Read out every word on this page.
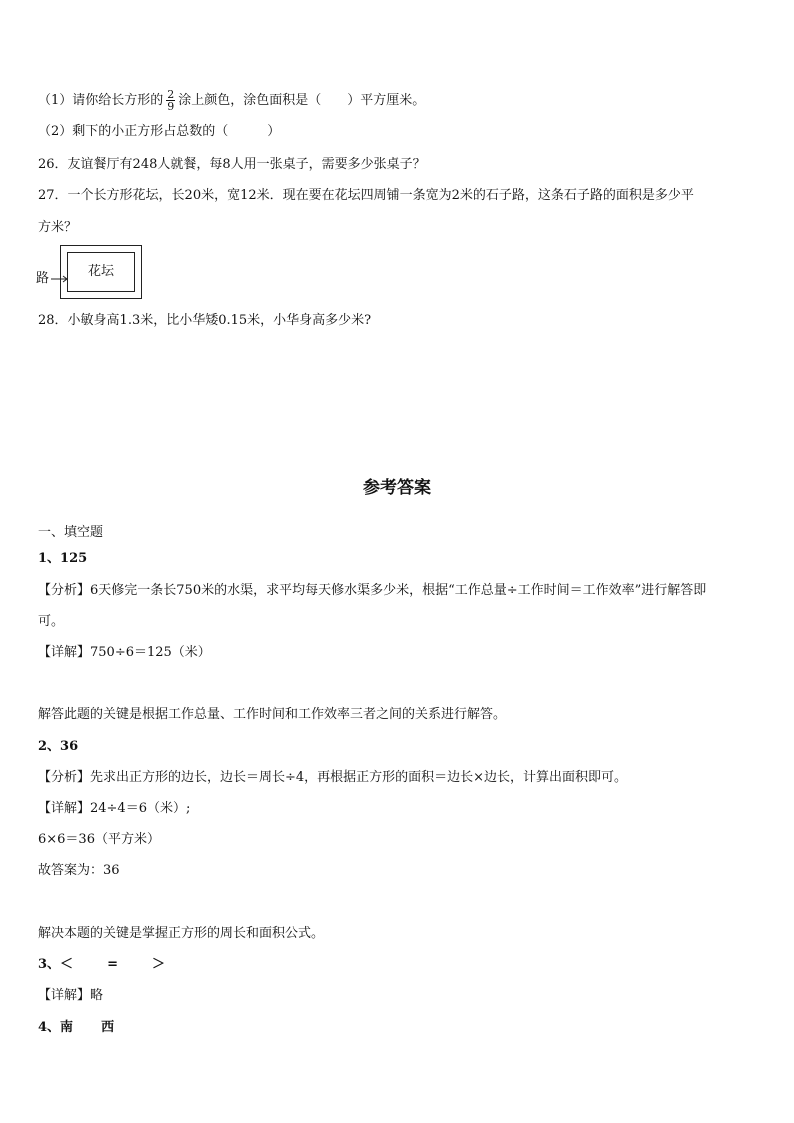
（1）请你给长方形的 $\frac{2}{9}$ 涂上颜色，涂色面积是（　　）平方厘米。
（2）剩下的小正方形占总数的（　　　）
26．友谊餐厅有248人就餐，每8人用一张桌子，需要多少张桌子？
27．一个长方形花坛，长20米，宽12米．现在要在花坛四周铺一条宽为2米的石子路，这条石子路的面积是多少平
方米？
花坛
路
28．小敏身高1.3米，比小华矮0.15米，小华身高多少米?
参考答案
一、填空题
1、125
【分析】6天修完一条长750米的水渠，求平均每天修水渠多少米，根据“工作总量÷工作时间＝工作效率”进行解答即
可。
【详解】750÷6＝125（米）
解答此题的关键是根据工作总量、工作时间和工作效率三者之间的关系进行解答。
2、36
【分析】先求出正方形的边长，边长＝周长÷4，再根据正方形的面积＝边长×边长，计算出面积即可。
【详解】24÷4＝6（米）;
6×6＝36（平方米）
故答案为：36
解决本题的关键是掌握正方形的周长和面积公式。
3、＜	=	＞
【详解】略
4、南 西
